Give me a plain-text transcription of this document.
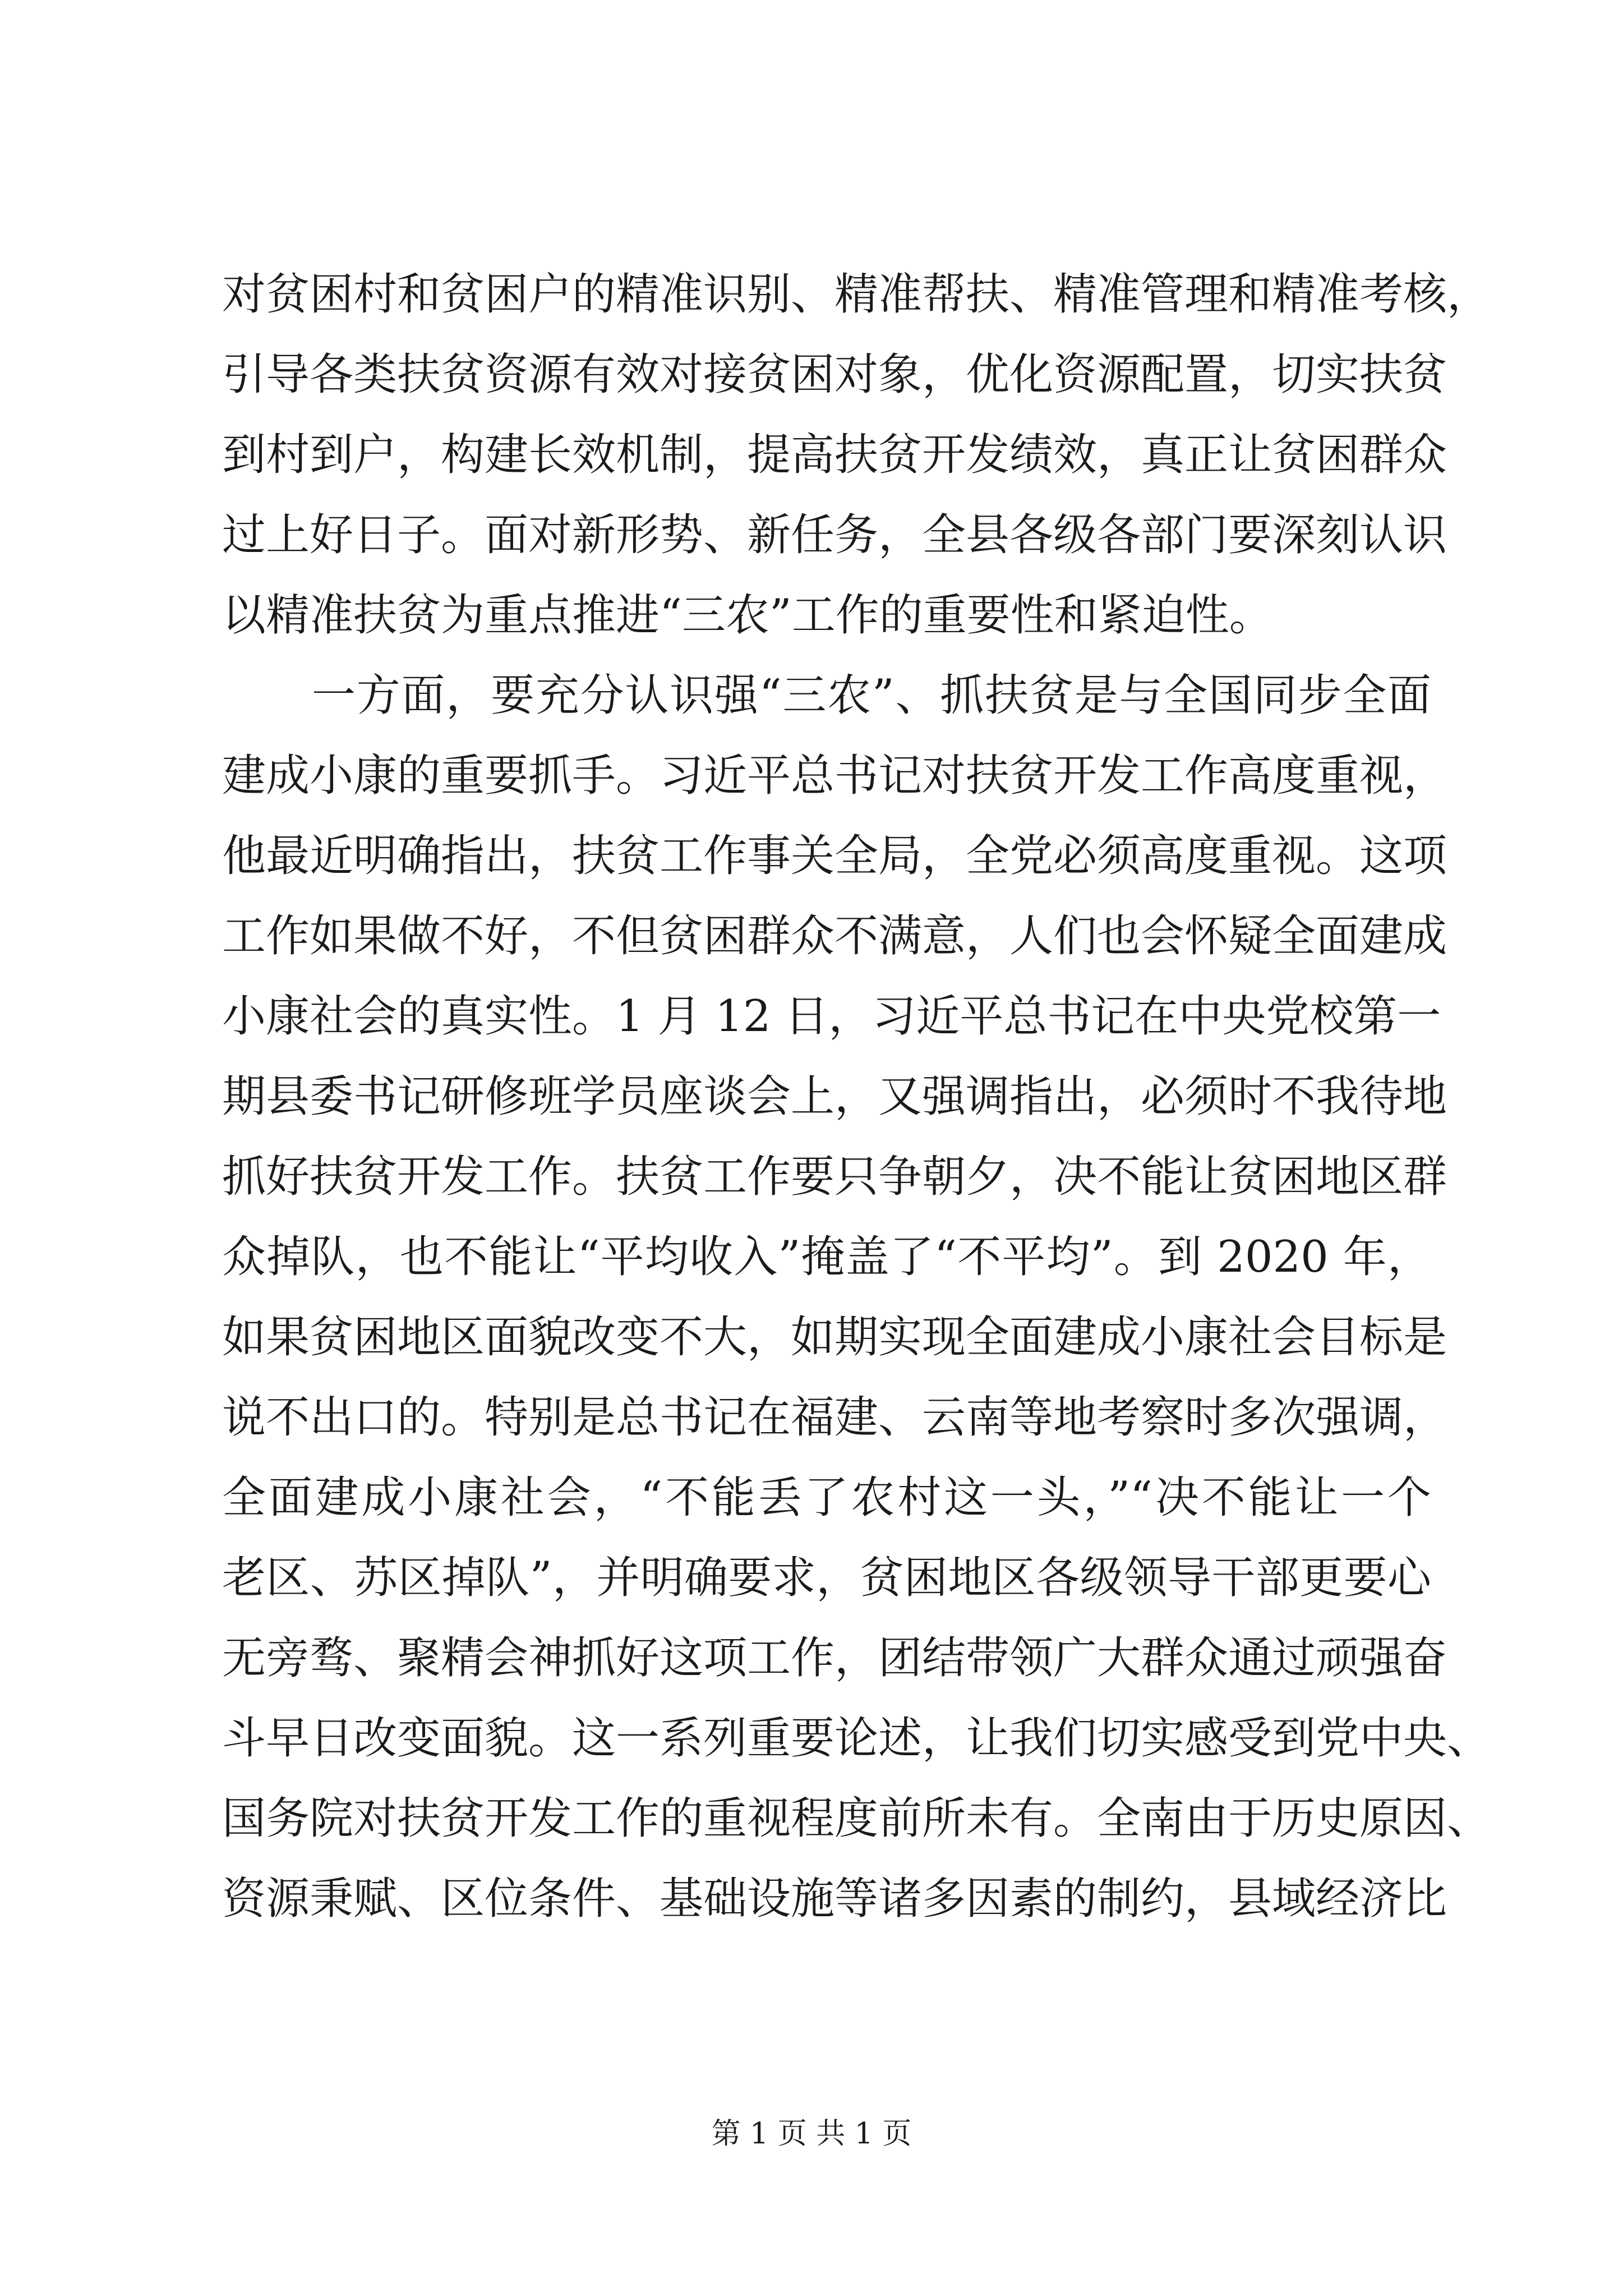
对贫困村和贫困户的精准识别、精准帮扶、精准管理和精准考核，
引导各类扶贫资源有效对接贫困对象，优化资源配置，切实扶贫
到村到户，构建长效机制，提高扶贫开发绩效，真正让贫困群众
过上好日子。面对新形势、新任务，全县各级各部门要深刻认识
以精准扶贫为重点推进“三农”工作的重要性和紧迫性。
一方面，要充分认识强“三农”、抓扶贫是与全国同步全面
建成小康的重要抓手。习近平总书记对扶贫开发工作高度重视，
他最近明确指出，扶贫工作事关全局，全党必须高度重视。这项
工作如果做不好，不但贫困群众不满意，人们也会怀疑全面建成
小康社会的真实性。1 月 12 日，习近平总书记在中央党校第一
期县委书记研修班学员座谈会上，又强调指出，必须时不我待地
抓好扶贫开发工作。扶贫工作要只争朝夕，决不能让贫困地区群
众掉队，也不能让“平均收入”掩盖了“不平均”。到 2020 年，
如果贫困地区面貌改变不大，如期实现全面建成小康社会目标是
说不出口的。特别是总书记在福建、云南等地考察时多次强调，
全面建成小康社会，“不能丢了农村这一头，”“决不能让一个
老区、苏区掉队”，并明确要求，贫困地区各级领导干部更要心
无旁骛、聚精会神抓好这项工作，团结带领广大群众通过顽强奋
斗早日改变面貌。这一系列重要论述，让我们切实感受到党中央、
国务院对扶贫开发工作的重视程度前所未有。全南由于历史原因、
资源秉赋、区位条件、基础设施等诸多因素的制约，县域经济比
第 1 页 共 1 页
